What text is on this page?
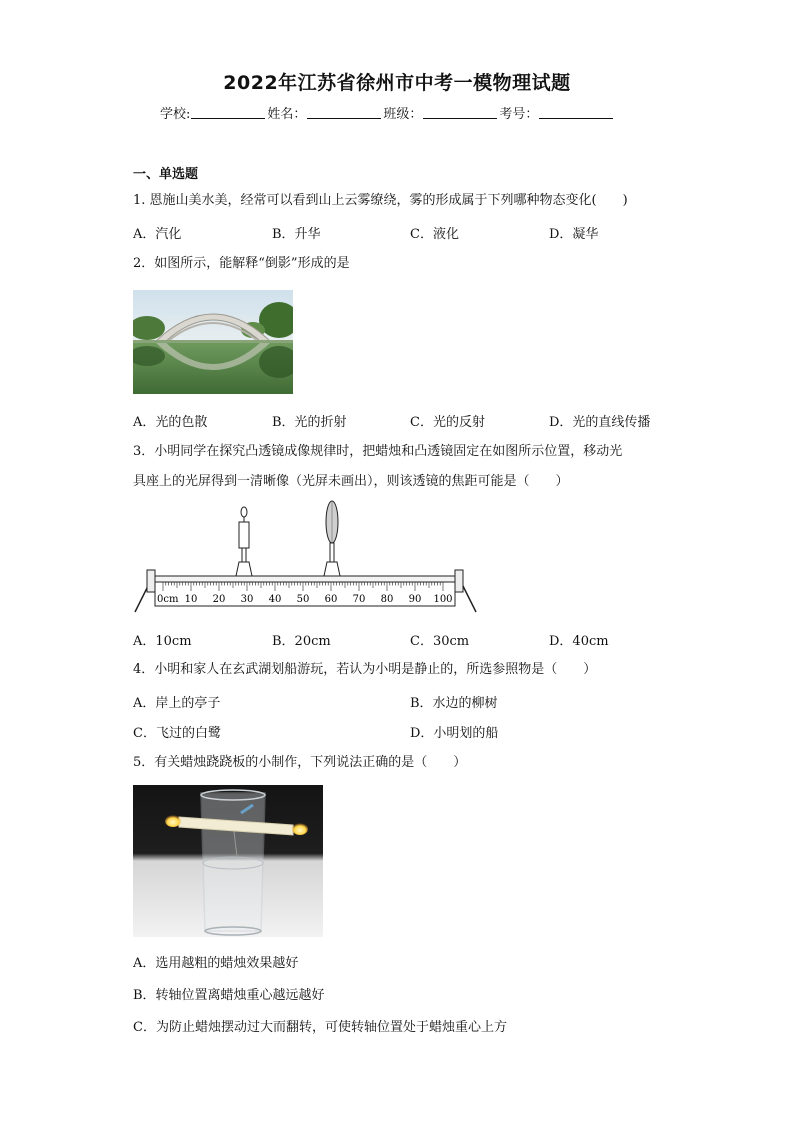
2022年江苏省徐州市中考一模物理试题
学校:	姓名：	班级：	考号：
一、单选题
1. 恩施山美水美，经常可以看到山上云雾缭绕，雾的形成属于下列哪种物态变化(　　)
A．汽化	B．升华	C．液化	D．凝华
2．如图所示，能解释“倒影”形成的是
A．光的色散	B．光的折射	C．光的反射	D．光的直线传播
3．小明同学在探究凸透镜成像规律时，把蜡烛和凸透镜固定在如图所示位置，移动光
具座上的光屏得到一清晰像（光屏未画出），则该透镜的焦距可能是（　　）
0cm 10 20 30 40 50 60 70 80 90 100
A．10cm	B．20cm	C．30cm	D．40cm
4．小明和家人在玄武湖划船游玩，若认为小明是静止的，所选参照物是（　　）
A．岸上的亭子	B．水边的柳树
C．飞过的白鹭	D．小明划的船
5．有关蜡烛跷跷板的小制作，下列说法正确的是（　　）
A．选用越粗的蜡烛效果越好
B．转轴位置离蜡烛重心越远越好
C．为防止蜡烛摆动过大而翻转，可使转轴位置处于蜡烛重心上方
